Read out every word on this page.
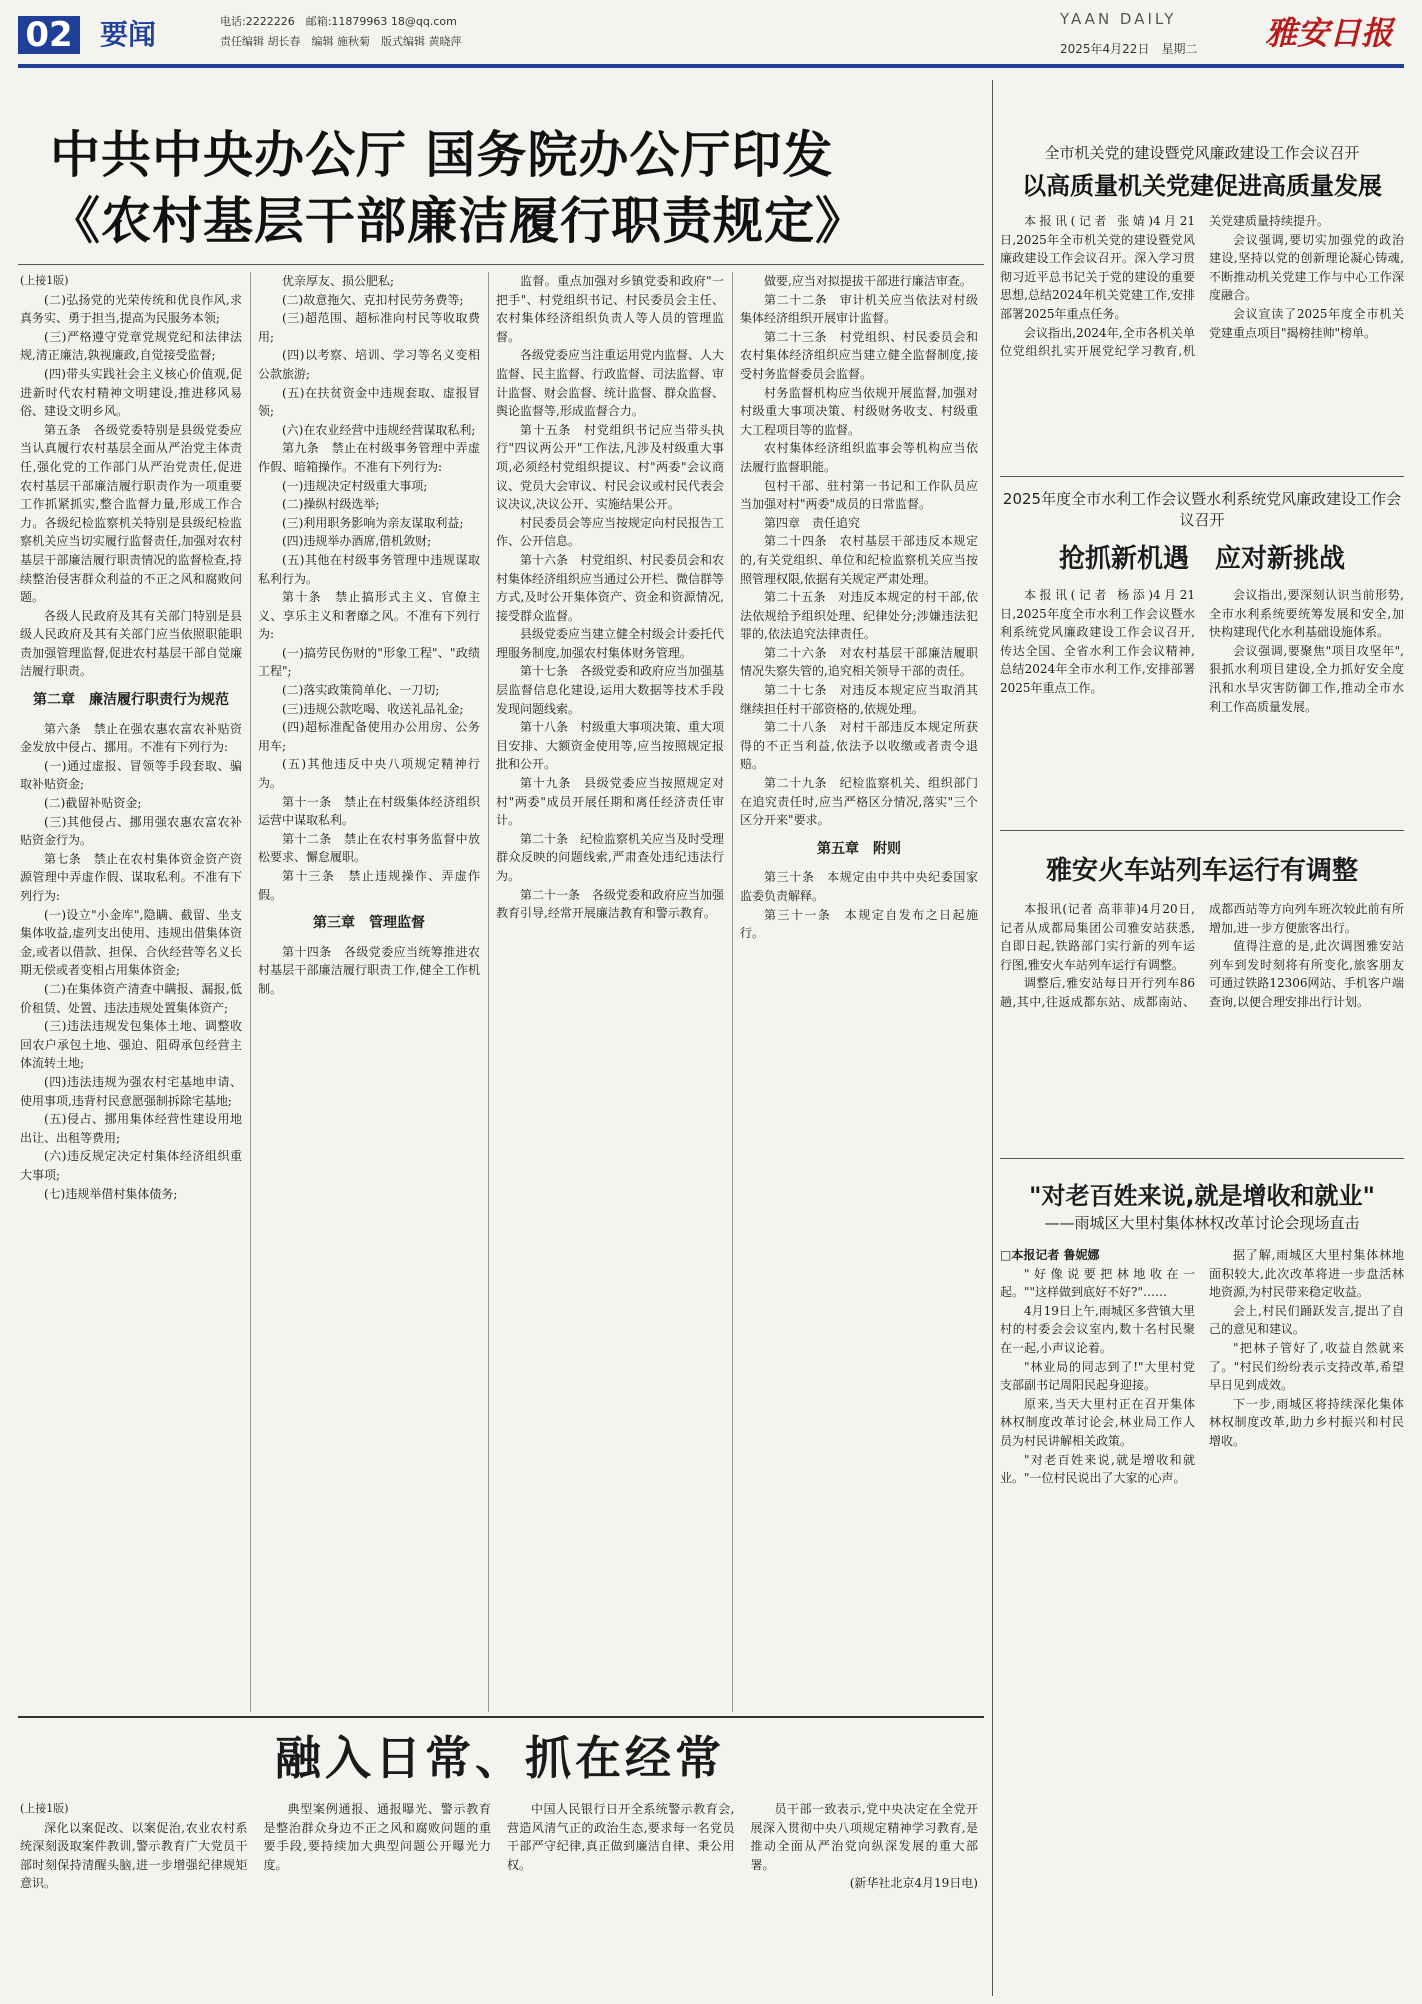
02 要闻	电话:2222226　邮箱:11879963 18@qq.com
责任编辑 胡长春　编辑 施秋菊　版式编辑 黄晓萍
YAAN DAILY
2025年4月22日　星期二 雅安日报
中共中央办公厅 国务院办公厅印发
《农村基层干部廉洁履行职责规定》
(上接1版)

(二)弘扬党的光荣传统和优良作风,求真务实、勇于担当,提高为民服务本领;

(三)严格遵守党章党规党纪和法律法规,清正廉洁,孰视廉政,自觉接受监督;

(四)带头实践社会主义核心价值观,促进新时代农村精神文明建设,推进移风易俗、建设文明乡风。

第五条　各级党委特别是县级党委应当认真履行农村基层全面从严治党主体责任,强化党的工作部门从严治党责任,促进农村基层干部廉洁履行职责作为一项重要工作抓紧抓实,整合监督力量,形成工作合力。各级纪检监察机关特别是县级纪检监察机关应当切实履行监督责任,加强对农村基层干部廉洁履行职责情况的监督检查,持续整治侵害群众利益的不正之风和腐败问题。

各级人民政府及其有关部门特别是县级人民政府及其有关部门应当依照职能职责加强管理监督,促进农村基层干部自觉廉洁履行职责。

第二章　廉洁履行职责行为规范

第六条　禁止在强农惠农富农补贴资金发放中侵占、挪用。不准有下列行为:

(一)通过虚报、冒领等手段套取、骗取补贴资金;

(二)截留补贴资金;

(三)其他侵占、挪用强农惠农富农补贴资金行为。

第七条　禁止在农村集体资金资产资源管理中弄虚作假、谋取私利。不准有下列行为:

(一)设立"小金库",隐瞒、截留、坐支集体收益,虚列支出使用、违规出借集体资金,或者以借款、担保、合伙经营等名义长期无偿或者变相占用集体资金;

(二)在集体资产清查中瞒报、漏报,低价租赁、处置、违法违规处置集体资产;

(三)违法违规发包集体土地、调整收回农户承包土地、强迫、阻碍承包经营主体流转土地;

(四)违法违规为强农村宅基地申请、使用事项,违背村民意愿强制拆除宅基地;

(五)侵占、挪用集体经营性建设用地出让、出租等费用;

(六)违反规定决定村集体经济组织重大事项;

(七)违规举借村集体债务;

优亲厚友、损公肥私;

(二)故意拖欠、克扣村民劳务费等;

(三)超范围、超标准向村民等收取费用;

(四)以考察、培训、学习等名义变相公款旅游;

(五)在扶贫资金中违规套取、虚报冒领;

(六)在农业经营中违规经营谋取私利;

第九条　禁止在村级事务管理中弄虚作假、暗箱操作。不准有下列行为:

(一)违规决定村级重大事项;

(二)操纵村级选举;

(三)利用职务影响为亲友谋取利益;

(四)违规举办酒席,借机敛财;

(五)其他在村级事务管理中违规谋取私利行为。

第十条　禁止搞形式主义、官僚主义、享乐主义和奢靡之风。不准有下列行为:

(一)搞劳民伤财的"形象工程"、"政绩工程";

(二)落实政策简单化、一刀切;

(三)违规公款吃喝、收送礼品礼金;

(四)超标准配备使用办公用房、公务用车;

(五)其他违反中央八项规定精神行为。

第十一条　禁止在村级集体经济组织运营中谋取私利。

第十二条　禁止在农村事务监督中放松要求、懈怠履职。

第十三条　禁止违规操作、弄虚作假。

第三章　管理监督

第十四条　各级党委应当统筹推进农村基层干部廉洁履行职责工作,健全工作机制。

监督。重点加强对乡镇党委和政府"一把手"、村党组织书记、村民委员会主任、农村集体经济组织负责人等人员的管理监督。

各级党委应当注重运用党内监督、人大监督、民主监督、行政监督、司法监督、审计监督、财会监督、统计监督、群众监督、舆论监督等,形成监督合力。

第十五条　村党组织书记应当带头执行"四议两公开"工作法,凡涉及村级重大事项,必须经村党组织提议、村"两委"会议商议、党员大会审议、村民会议或村民代表会议决议,决议公开、实施结果公开。

村民委员会等应当按规定向村民报告工作、公开信息。

第十六条　村党组织、村民委员会和农村集体经济组织应当通过公开栏、微信群等方式,及时公开集体资产、资金和资源情况,接受群众监督。

县级党委应当建立健全村级会计委托代理服务制度,加强农村集体财务管理。

第十七条　各级党委和政府应当加强基层监督信息化建设,运用大数据等技术手段发现问题线索。

第十八条　村级重大事项决策、重大项目安排、大额资金使用等,应当按照规定报批和公开。

第十九条　县级党委应当按照规定对村"两委"成员开展任期和离任经济责任审计。

第二十条　纪检监察机关应当及时受理群众反映的问题线索,严肃查处违纪违法行为。

第二十一条　各级党委和政府应当加强教育引导,经常开展廉洁教育和警示教育。

做要,应当对拟提拔干部进行廉洁审查。

第二十二条　审计机关应当依法对村级集体经济组织开展审计监督。

第二十三条　村党组织、村民委员会和农村集体经济组织应当建立健全监督制度,接受村务监督委员会监督。

村务监督机构应当依规开展监督,加强对村级重大事项决策、村级财务收支、村级重大工程项目等的监督。

农村集体经济组织监事会等机构应当依法履行监督职能。

包村干部、驻村第一书记和工作队员应当加强对村"两委"成员的日常监督。

第四章　责任追究

第二十四条　农村基层干部违反本规定的,有关党组织、单位和纪检监察机关应当按照管理权限,依据有关规定严肃处理。

第二十五条　对违反本规定的村干部,依法依规给予组织处理、纪律处分;涉嫌违法犯罪的,依法追究法律责任。

第二十六条　对农村基层干部廉洁履职情况失察失管的,追究相关领导干部的责任。

第二十七条　对违反本规定应当取消其继续担任村干部资格的,依规处理。

第二十八条　对村干部违反本规定所获得的不正当利益,依法予以收缴或者责令退赔。

第二十九条　纪检监察机关、组织部门在追究责任时,应当严格区分情况,落实"三个区分开来"要求。

第五章　附则

第三十条　本规定由中共中央纪委国家监委负责解释。

第三十一条　本规定自发布之日起施行。

融入日常、抓在经常
(上接1版)

深化以案促改、以案促治,农业农村系统深刻汲取案件教训,警示教育广大党员干部时刻保持清醒头脑,进一步增强纪律规矩意识。

典型案例通报、通报曝光、警示教育是整治群众身边不正之风和腐败问题的重要手段,要持续加大典型问题公开曝光力度。

中国人民银行日开全系统警示教育会,营造风清气正的政治生态,要求每一名党员干部严守纪律,真正做到廉洁自律、秉公用权。

员干部一致表示,党中央决定在全党开展深入贯彻中央八项规定精神学习教育,是推动全面从严治党向纵深发展的重大部署。

(新华社北京4月19日电)
全市机关党的建设暨党风廉政建设工作会议召开
以高质量机关党建促进高质量发展

本报讯(记者 张婧)4月21日,2025年全市机关党的建设暨党风廉政建设工作会议召开。深入学习贯彻习近平总书记关于党的建设的重要思想,总结2024年机关党建工作,安排部署2025年重点任务。

会议指出,2024年,全市各机关单位党组织扎实开展党纪学习教育,机关党建质量持续提升。

会议强调,要切实加强党的政治建设,坚持以党的创新理论凝心铸魂,不断推动机关党建工作与中心工作深度融合。

会议宣读了2025年度全市机关党建重点项目"揭榜挂帅"榜单。

2025年度全市水利工作会议暨水利系统党风廉政建设工作会议召开
抢抓新机遇　应对新挑战

本报讯(记者 杨添)4月21日,2025年度全市水利工作会议暨水利系统党风廉政建设工作会议召开,传达全国、全省水利工作会议精神,总结2024年全市水利工作,安排部署2025年重点工作。

会议指出,要深刻认识当前形势,全市水利系统要统筹发展和安全,加快构建现代化水利基础设施体系。

会议强调,要聚焦"项目攻坚年",狠抓水利项目建设,全力抓好安全度汛和水旱灾害防御工作,推动全市水利工作高质量发展。

雅安火车站列车运行有调整

本报讯(记者 高菲菲)4月20日,记者从成都局集团公司雅安站获悉,自即日起,铁路部门实行新的列车运行图,雅安火车站列车运行有调整。

调整后,雅安站每日开行列车86趟,其中,往返成都东站、成都南站、成都西站等方向列车班次较此前有所增加,进一步方便旅客出行。

值得注意的是,此次调图雅安站列车到发时刻将有所变化,旅客朋友可通过铁路12306网站、手机客户端查询,以便合理安排出行计划。

"对老百姓来说,就是增收和就业"
——雨城区大里村集体林权改革讨论会现场直击
□本报记者 鲁妮娜

"好像说要把林地收在一起。""这样做到底好不好?"……

4月19日上午,雨城区多营镇大里村的村委会会议室内,数十名村民聚在一起,小声议论着。

"林业局的同志到了!"大里村党支部副书记周阳民起身迎接。

原来,当天大里村正在召开集体林权制度改革讨论会,林业局工作人员为村民讲解相关政策。

"对老百姓来说,就是增收和就业。"一位村民说出了大家的心声。

据了解,雨城区大里村集体林地面积较大,此次改革将进一步盘活林地资源,为村民带来稳定收益。

会上,村民们踊跃发言,提出了自己的意见和建议。

"把林子管好了,收益自然就来了。"村民们纷纷表示支持改革,希望早日见到成效。

下一步,雨城区将持续深化集体林权制度改革,助力乡村振兴和村民增收。
